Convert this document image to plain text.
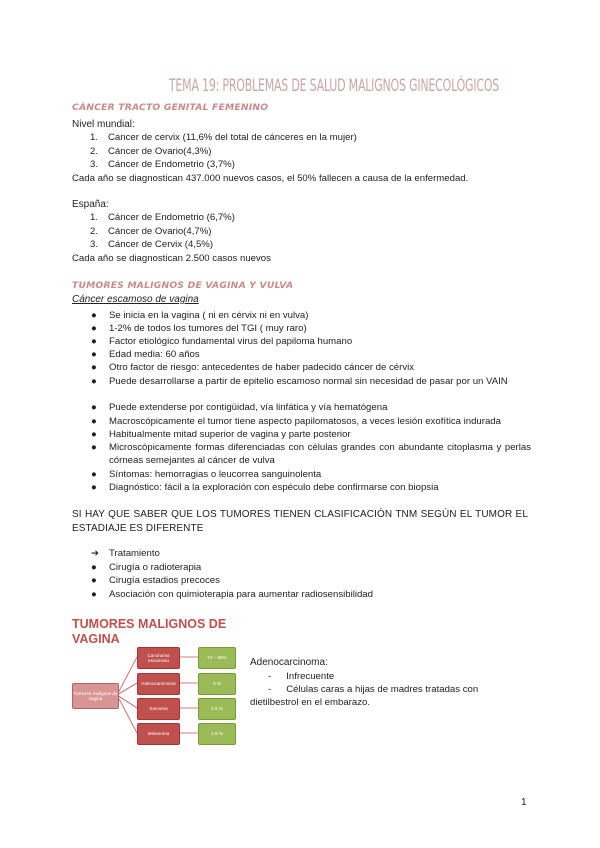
TEMA 19: PROBLEMAS DE SALUD MALIGNOS GINECOLÓGICOS
CÁNCER TRACTO GENITAL FEMENINO
Nivel mundial:
1. Cancer de cervix (11,6% del total de cánceres en la mujer)
2. Cáncer de Ovario(4,3%)
3. Cáncer de Endometrio (3,7%)
Cada año se diagnostican 437.000 nuevos casos, el 50% fallecen a causa de la enfermedad.
España:
1. Cáncer de Endometrio (6,7%)
2. Cáncer de Ovario(4,7%)
3. Cáncer de Cervix (4,5%)
Cada año se diagnostican 2.500 casos nuevos
TUMORES MALIGNOS DE VAGINA Y VULVA
Cáncer escamoso de vagina
● Se inicia en la vagina ( ni en cérvix ni en vulva)
● 1-2% de todos los tumores del TGI ( muy raro)
● Factor etiológico fundamental virus del papiloma humano
● Edad media: 60 años
● Otro factor de riesgo: antecedentes de haber padecido cáncer de cérvix
● Puede desarrollarse a partir de epitelio escamoso normal sin necesidad de pasar por un VAIN
● Puede extenderse por contigüidad, vía linfática y vía hematógena
● Macroscópicamente el tumor tiene aspecto papilomatosos, a veces lesión exofítica indurada
● Habitualmente mitad superior de vagina y parte posterior
● Microscópicamente formas diferenciadas con células grandes con abundante citoplasma y perlas córneas semejantes al cáncer de vulva
● Síntomas: hemorragias o leucorrea sanguinolenta
● Diagnóstico: fácil a la exploración con espéculo debe confirmarse con biopsia
SI HAY QUE SABER QUE LOS TUMORES TIENEN CLASIFICACIÓN TNM SEGÚN EL TUMOR EL ESTADIAJE ES DIFERENTE
➔ Tratamiento
● Cirugía o radioterapia
● Cirugía estadios precoces
● Asociación con quimioterapia para aumentar radiosensibilidad
TUMORES MALIGNOS DE
VAGINA
Tumores malignos de vagina
Carcinoma escamoso
74 – 86%
Adenocarcinoma	9 %
Sarcoma	2.6 %
Melanoma	1.6 %
Adenocarcinoma:
- Infrecuente
- Células caras a hijas de madres tratadas con dietilbestrol en el embarazo.
1
